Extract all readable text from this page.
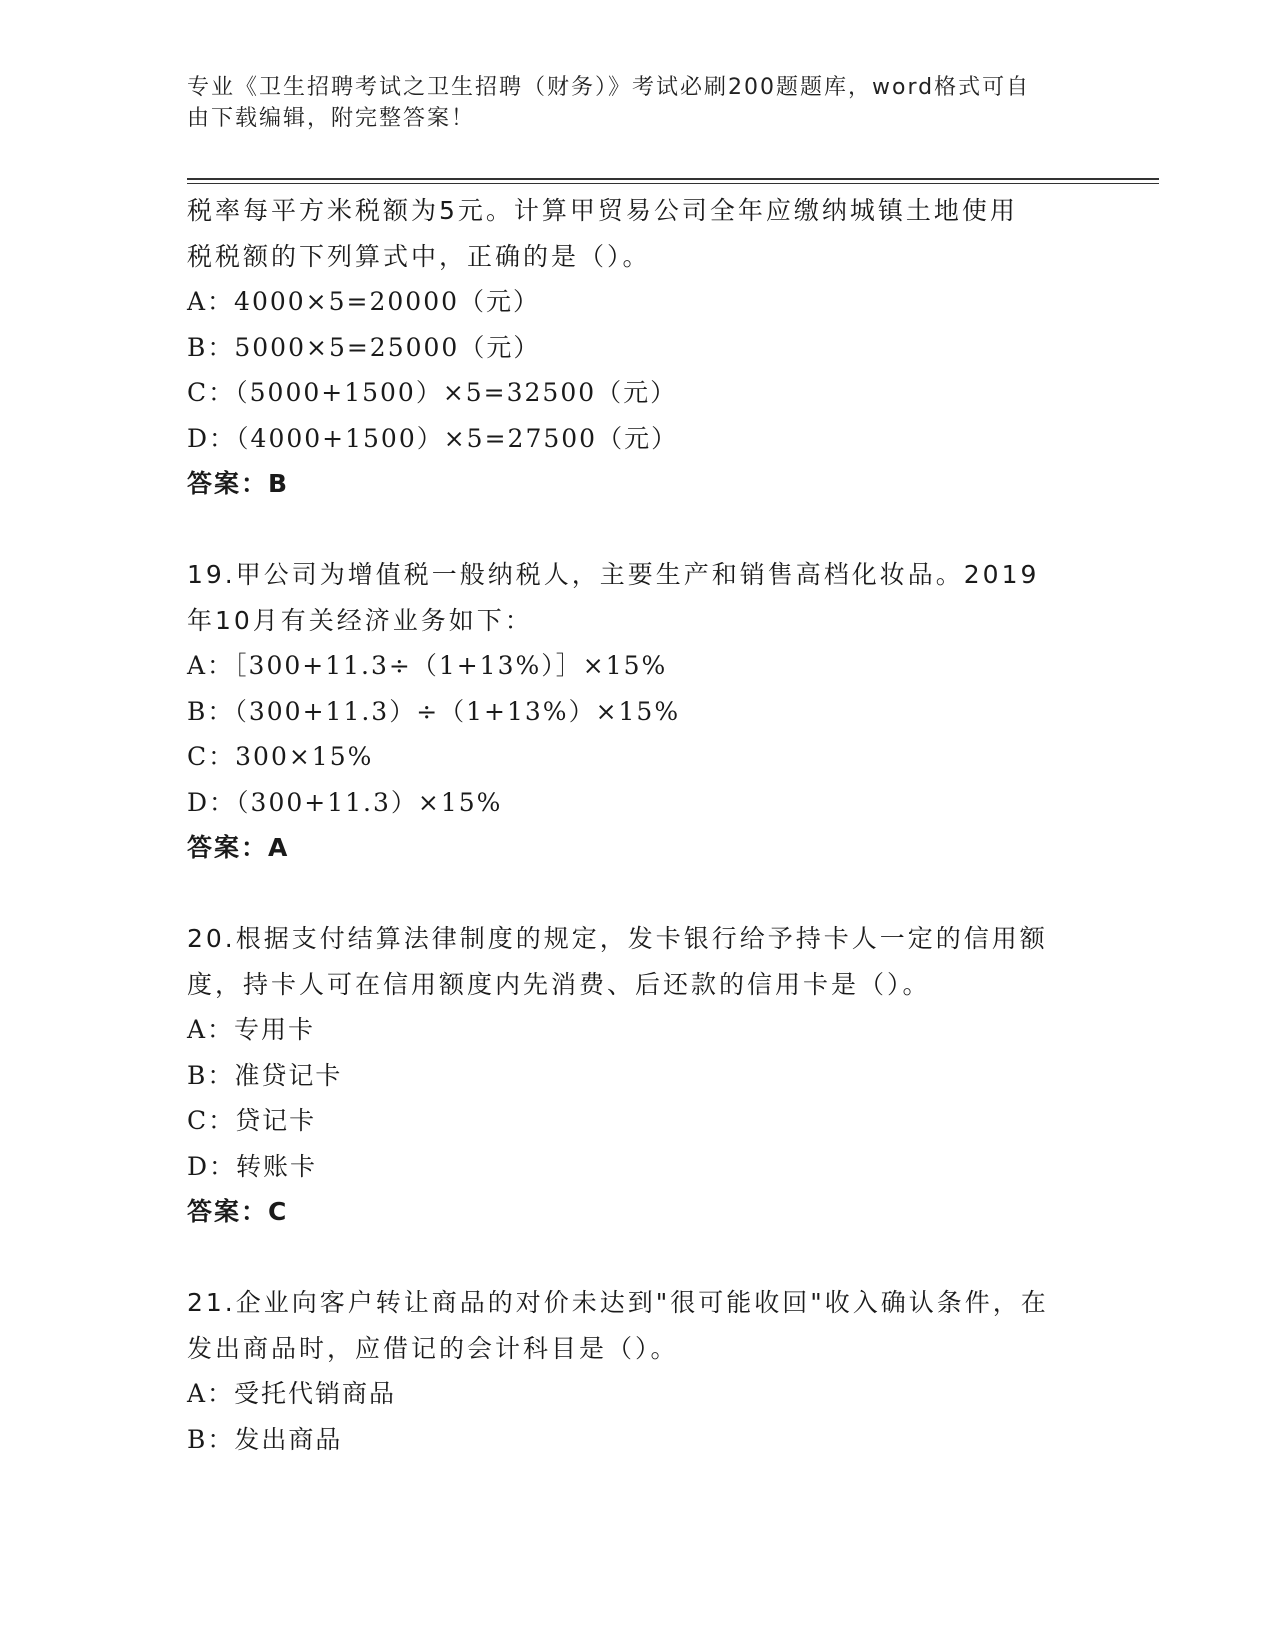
专业《卫生招聘考试之卫生招聘（财务）》考试必刷200题题库，word格式可自
由下载编辑，附完整答案！
税率每平方米税额为5元。计算甲贸易公司全年应缴纳城镇土地使用
税税额的下列算式中，正确的是（）。
A：4000×5=20000（元）
B：5000×5=25000（元）
C：（5000+1500）×5=32500（元）
D：（4000+1500）×5=27500（元）
答案：B
19.甲公司为增值税一般纳税人，主要生产和销售高档化妆品。2019
年10月有关经济业务如下：
A：［300+11.3÷（1+13%）］×15%
B：（300+11.3）÷（1+13%）×15%
C：300×15%
D：（300+11.3）×15%
答案：A
20.根据支付结算法律制度的规定，发卡银行给予持卡人一定的信用额
度，持卡人可在信用额度内先消费、后还款的信用卡是（）。
A：专用卡
B：准贷记卡
C：贷记卡
D：转账卡
答案：C
21.企业向客户转让商品的对价未达到"很可能收回"收入确认条件，在
发出商品时，应借记的会计科目是（）。
A：受托代销商品
B：发出商品
